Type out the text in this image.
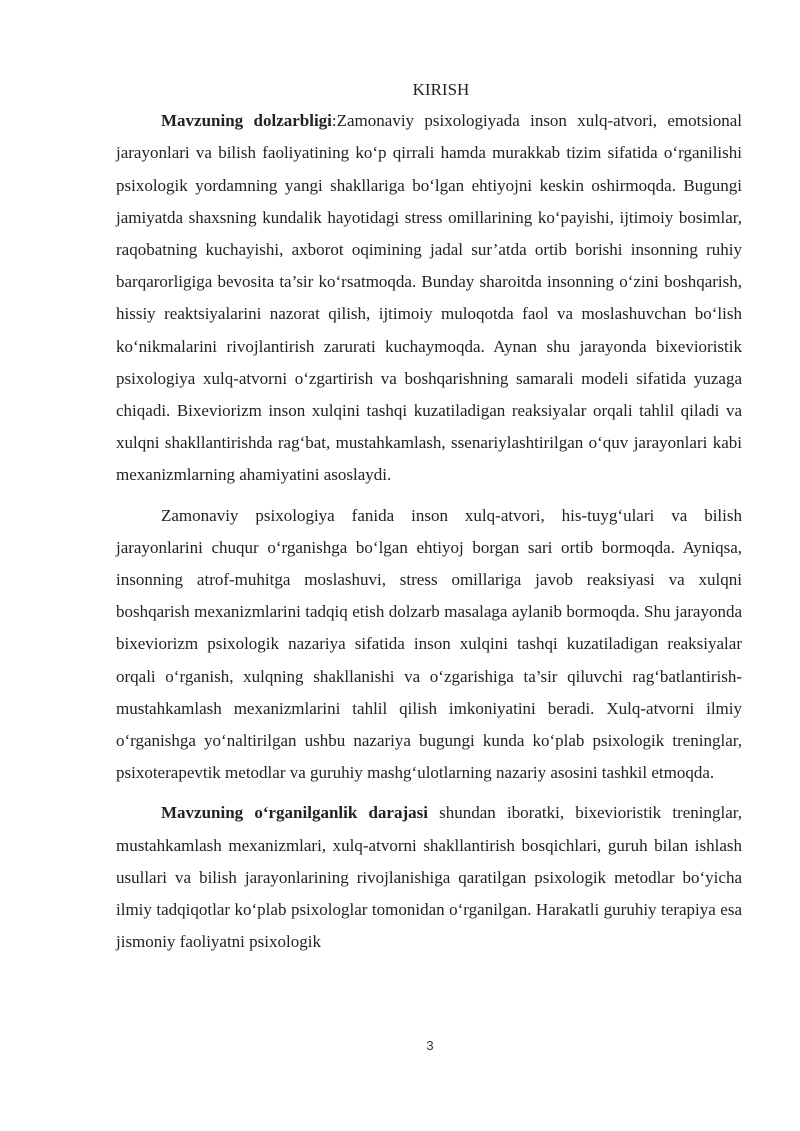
KIRISH

Mavzuning dolzarbligi:Zamonaviy psixologiyada inson xulq-atvori, emotsional jarayonlari va bilish faoliyatining ko‘p qirrali hamda murakkab tizim sifatida o‘rganilishi psixologik yordamning yangi shakllariga bo‘lgan ehtiyojni keskin oshirmoqda. Bugungi jamiyatda shaxsning kundalik hayotidagi stress omillarining ko‘payishi, ijtimoiy bosimlar, raqobatning kuchayishi, axborot oqimining jadal sur’atda ortib borishi insonning ruhiy barqarorligiga bevosita ta’sir ko‘rsatmoqda. Bunday sharoitda insonning o‘zini boshqarish, hissiy reaktsiyalarini nazorat qilish, ijtimoiy muloqotda faol va moslashuvchan bo‘lish ko‘nikmalarini rivojlantirish zarurati kuchaymoqda. Aynan shu jarayonda bixevioristik psixologiya xulq-atvorni o‘zgartirish va boshqarishning samarali modeli sifatida yuzaga chiqadi. Bixeviorizm inson xulqini tashqi kuzatiladigan reaksiyalar orqali tahlil qiladi va xulqni shakllantirishda rag‘bat, mustahkamlash, ssenariylashtirilgan o‘quv jarayonlari kabi mexanizmlarning ahamiyatini asoslaydi.

Zamonaviy psixologiya fanida inson xulq-atvori, his-tuyg‘ulari va bilish jarayonlarini chuqur o‘rganishga bo‘lgan ehtiyoj borgan sari ortib bormoqda. Ayniqsa, insonning atrof-muhitga moslashuvi, stress omillariga javob reaksiyasi va xulqni boshqarish mexanizmlarini tadqiq etish dolzarb masalaga aylanib bormoqda. Shu jarayonda bixeviorizm psixologik nazariya sifatida inson xulqini tashqi kuzatiladigan reaksiyalar orqali o‘rganish, xulqning shakllanishi va o‘zgarishiga ta’sir qiluvchi rag‘batlantirish-mustahkamlash mexanizmlarini tahlil qilish imkoniyatini beradi. Xulq-atvorni ilmiy o‘rganishga yo‘naltirilgan ushbu nazariya bugungi kunda ko‘plab psixologik treninglar, psixoterapevtik metodlar va guruhiy mashg‘ulotlarning nazariy asosini tashkil etmoqda.

Mavzuning o‘rganilganlik darajasi shundan iboratki, bixevioristik treninglar, mustahkamlash mexanizmlari, xulq-atvorni shakllantirish bosqichlari, guruh bilan ishlash usullari va bilish jarayonlarining rivojlanishiga qaratilgan psixologik metodlar bo‘yicha ilmiy tadqiqotlar ko‘plab psixologlar tomonidan o‘rganilgan. Harakatli guruhiy terapiya esa jismoniy faoliyatni psixologik

3
